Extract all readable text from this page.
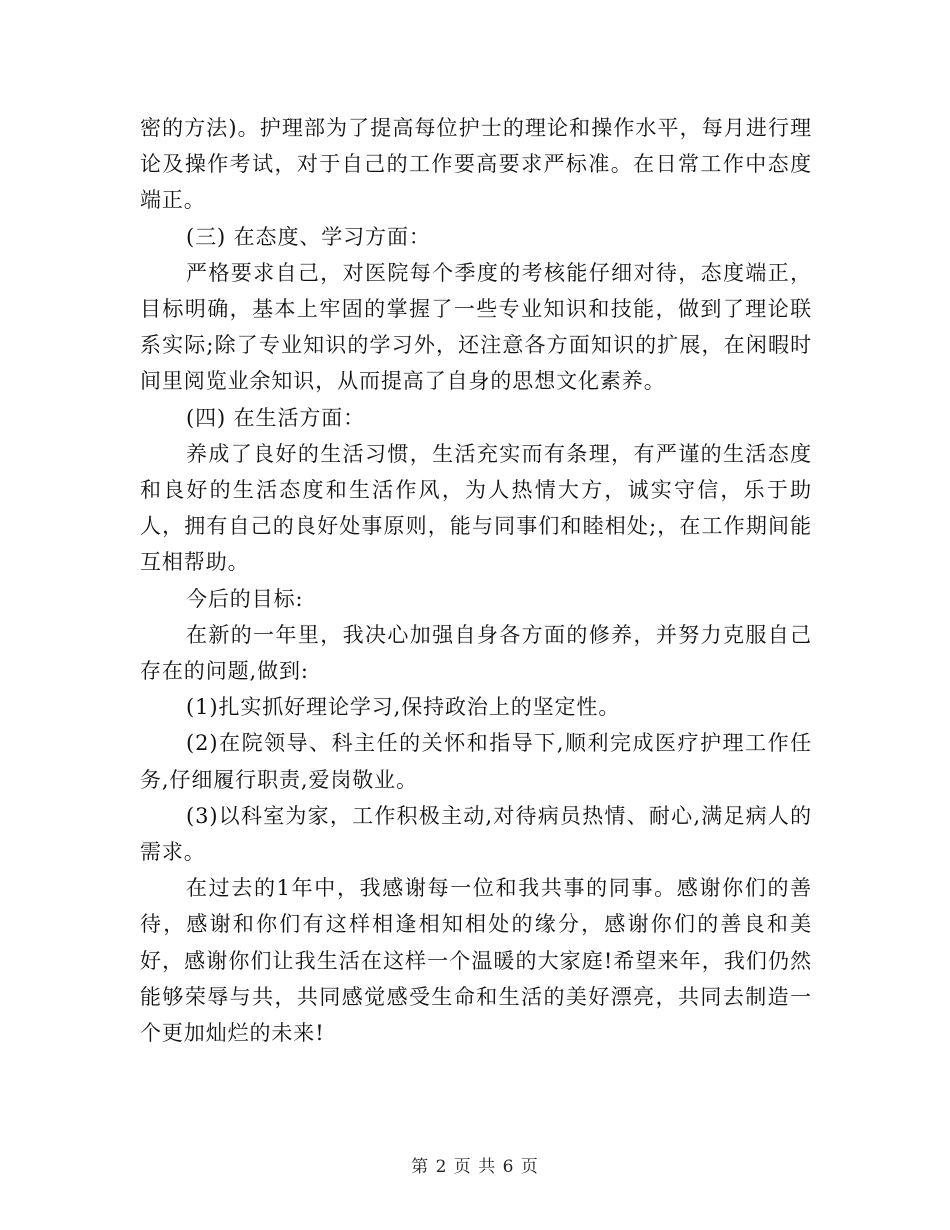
密的方法)。护理部为了提高每位护士的理论和操作水平，每月进行理论及操作考试，对于自己的工作要高要求严标准。在日常工作中态度端正。

(三) 在态度、学习方面：

严格要求自己，对医院每个季度的考核能仔细对待，态度端正，目标明确，基本上牢固的掌握了一些专业知识和技能，做到了理论联系实际;除了专业知识的学习外，还注意各方面知识的扩展，在闲暇时间里阅览业余知识，从而提高了自身的思想文化素养。

(四) 在生活方面：

养成了良好的生活习惯，生活充实而有条理，有严谨的生活态度和良好的生活态度和生活作风，为人热情大方，诚实守信，乐于助人，拥有自己的良好处事原则，能与同事们和睦相处;，在工作期间能互相帮助。

今后的目标:

在新的一年里，我决心加强自身各方面的修养，并努力克服自己存在的问题,做到:

(1)扎实抓好理论学习,保持政治上的坚定性。

(2)在院领导、科主任的关怀和指导下,顺利完成医疗护理工作任务,仔细履行职责,爱岗敬业。

(3)以科室为家，工作积极主动,对待病员热情、耐心,满足病人的需求。

在过去的1年中，我感谢每一位和我共事的同事。感谢你们的善待，感谢和你们有这样相逢相知相处的缘分，感谢你们的善良和美好，感谢你们让我生活在这样一个温暖的大家庭!希望来年，我们仍然能够荣辱与共，共同感觉感受生命和生活的美好漂亮，共同去制造一个更加灿烂的未来!

第 2 页 共 6 页
